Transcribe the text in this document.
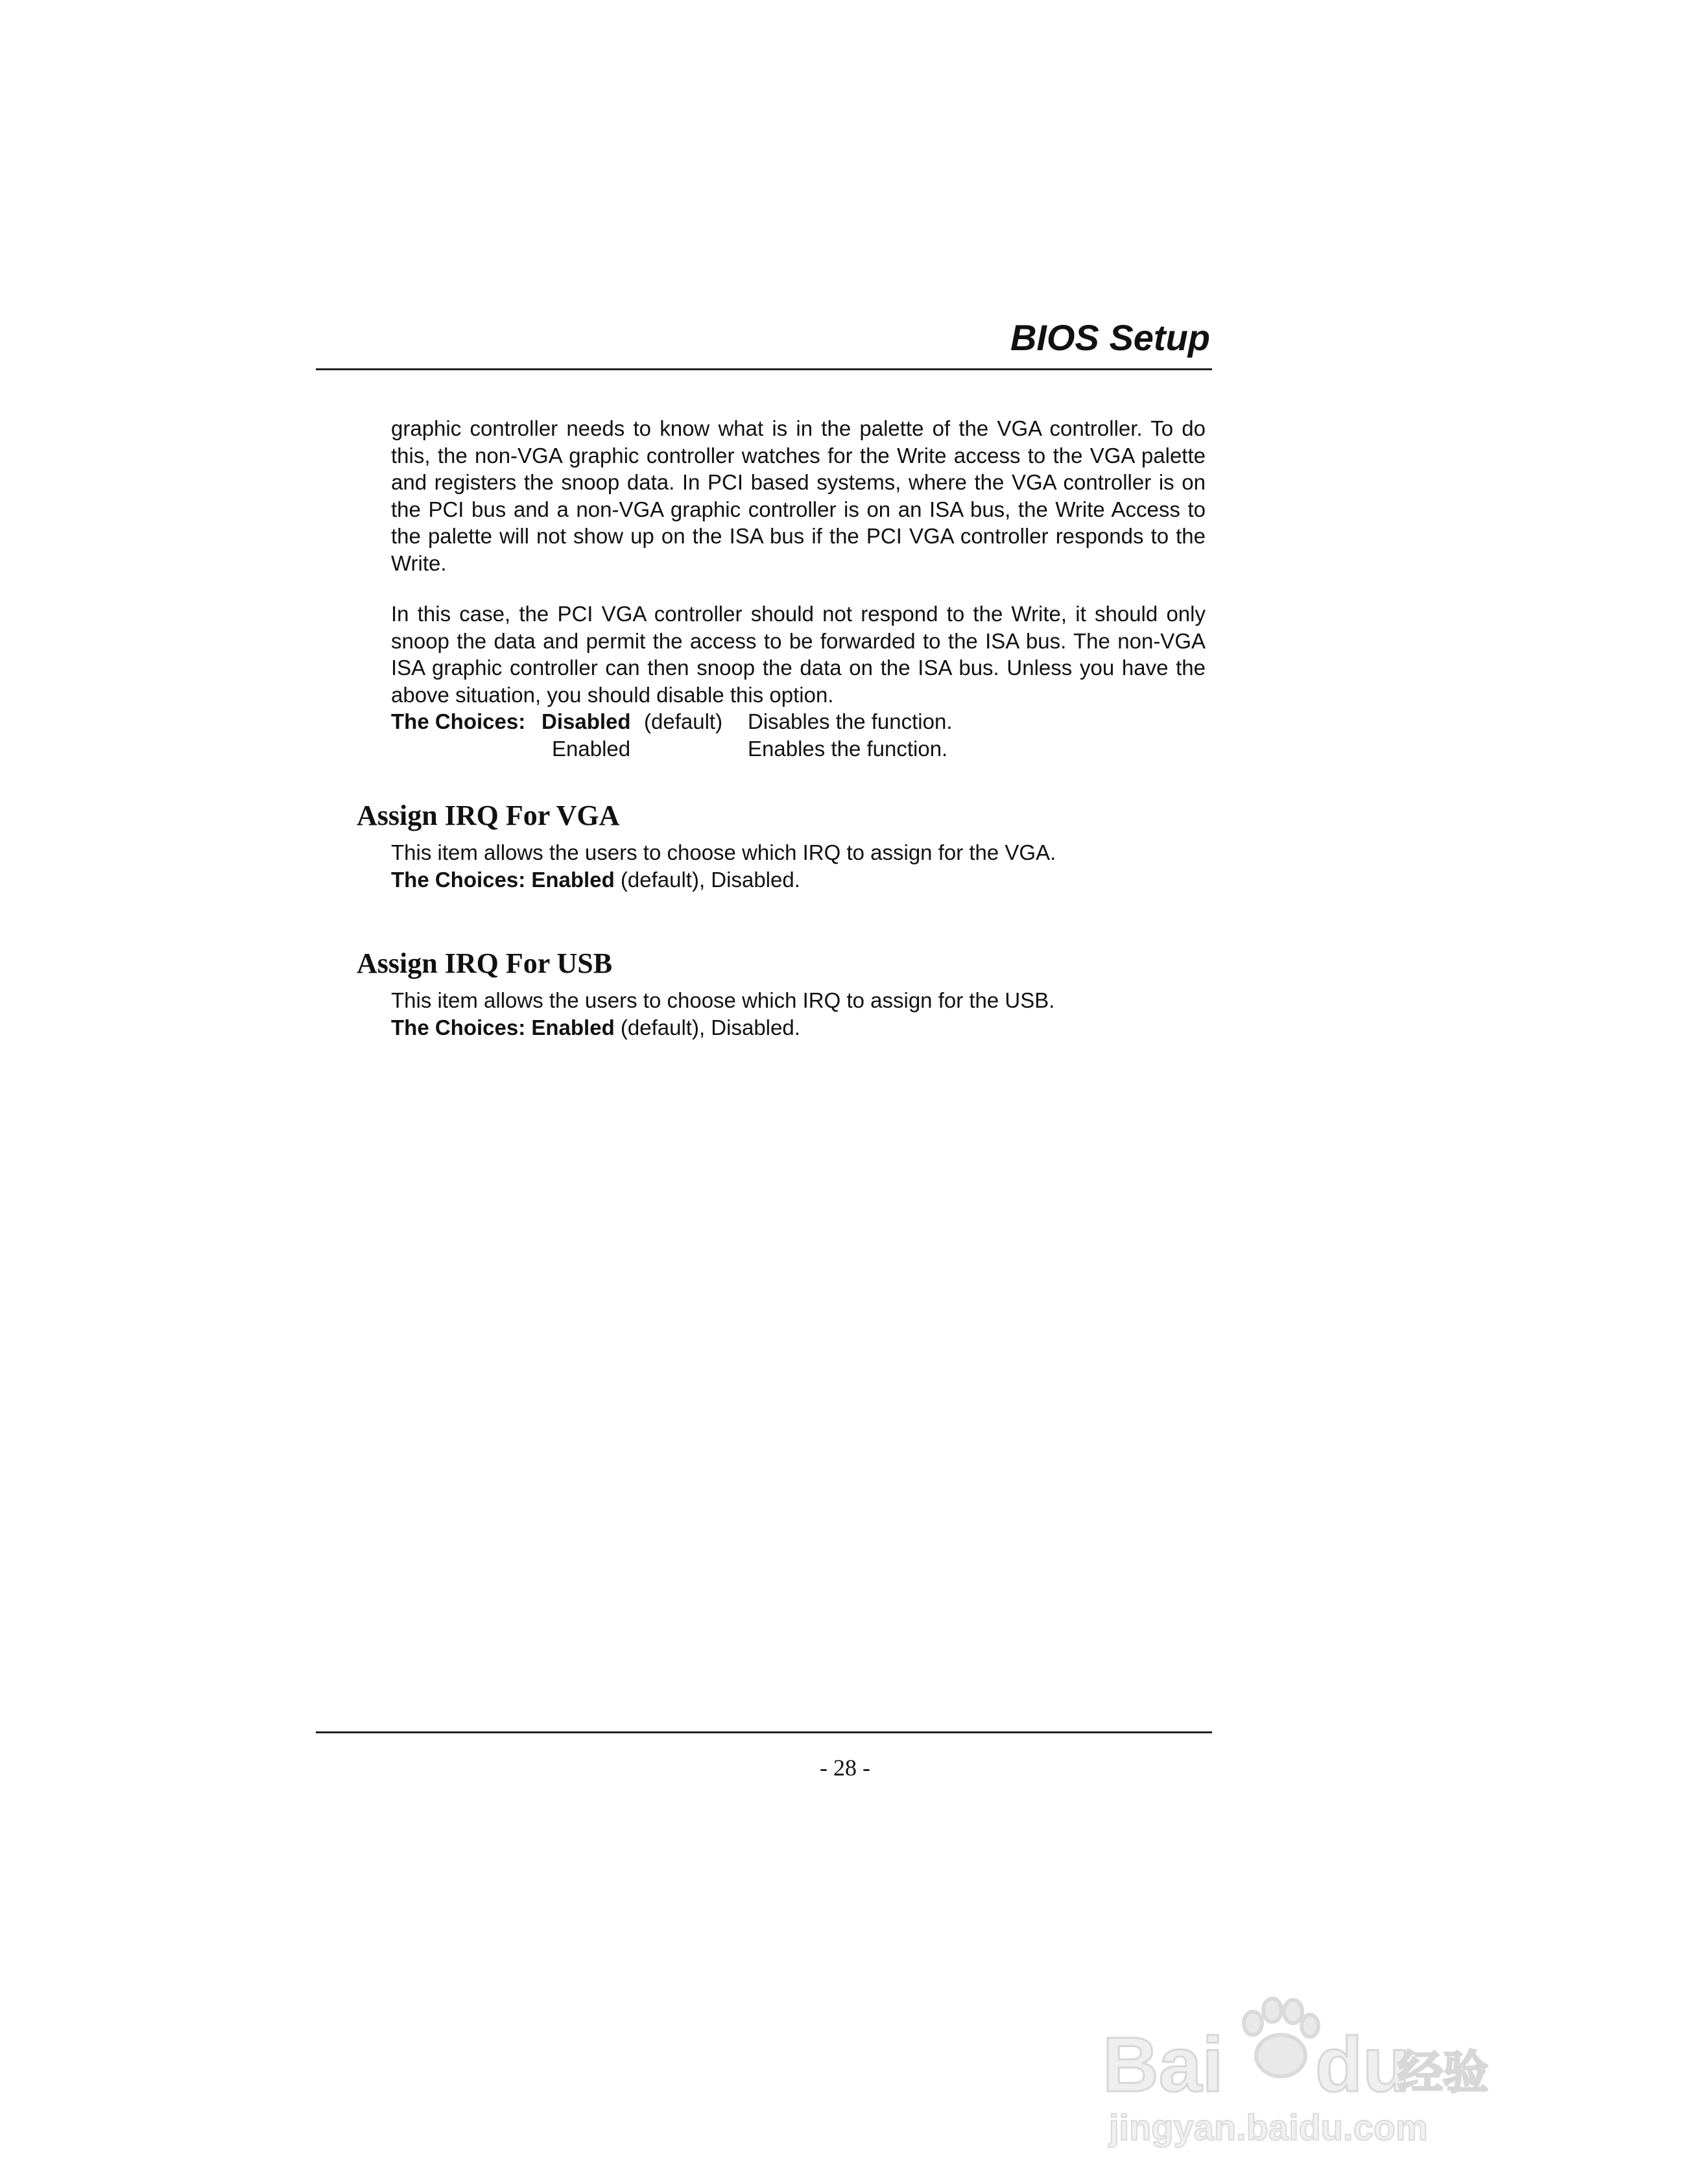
BIOS Setup

graphic controller needs to know what is in the palette of the VGA controller. To do this, the non-VGA graphic controller watches for the Write access to the VGA palette and registers the snoop data. In PCI based systems, where the VGA controller is on the PCI bus and a non-VGA graphic controller is on an ISA bus, the Write Access to the palette will not show up on the ISA bus if the PCI VGA controller responds to the Write.

In this case, the PCI VGA controller should not respond to the Write, it should only snoop the data and permit the access to be forwarded to the ISA bus. The non-VGA ISA graphic controller can then snoop the data on the ISA bus. Unless you have the above situation, you should disable this option.

The Choices: Disabled (default) Disables the function.
Enabled	Enables the function.
Assign IRQ For VGA
This item allows the users to choose which IRQ to assign for the VGA.
The Choices: Enabled (default), Disabled.
Assign IRQ For USB
This item allows the users to choose which IRQ to assign for the USB.
The Choices: Enabled (default), Disabled.
- 28 -
Bai du
经验
jingyan.baidu.com
